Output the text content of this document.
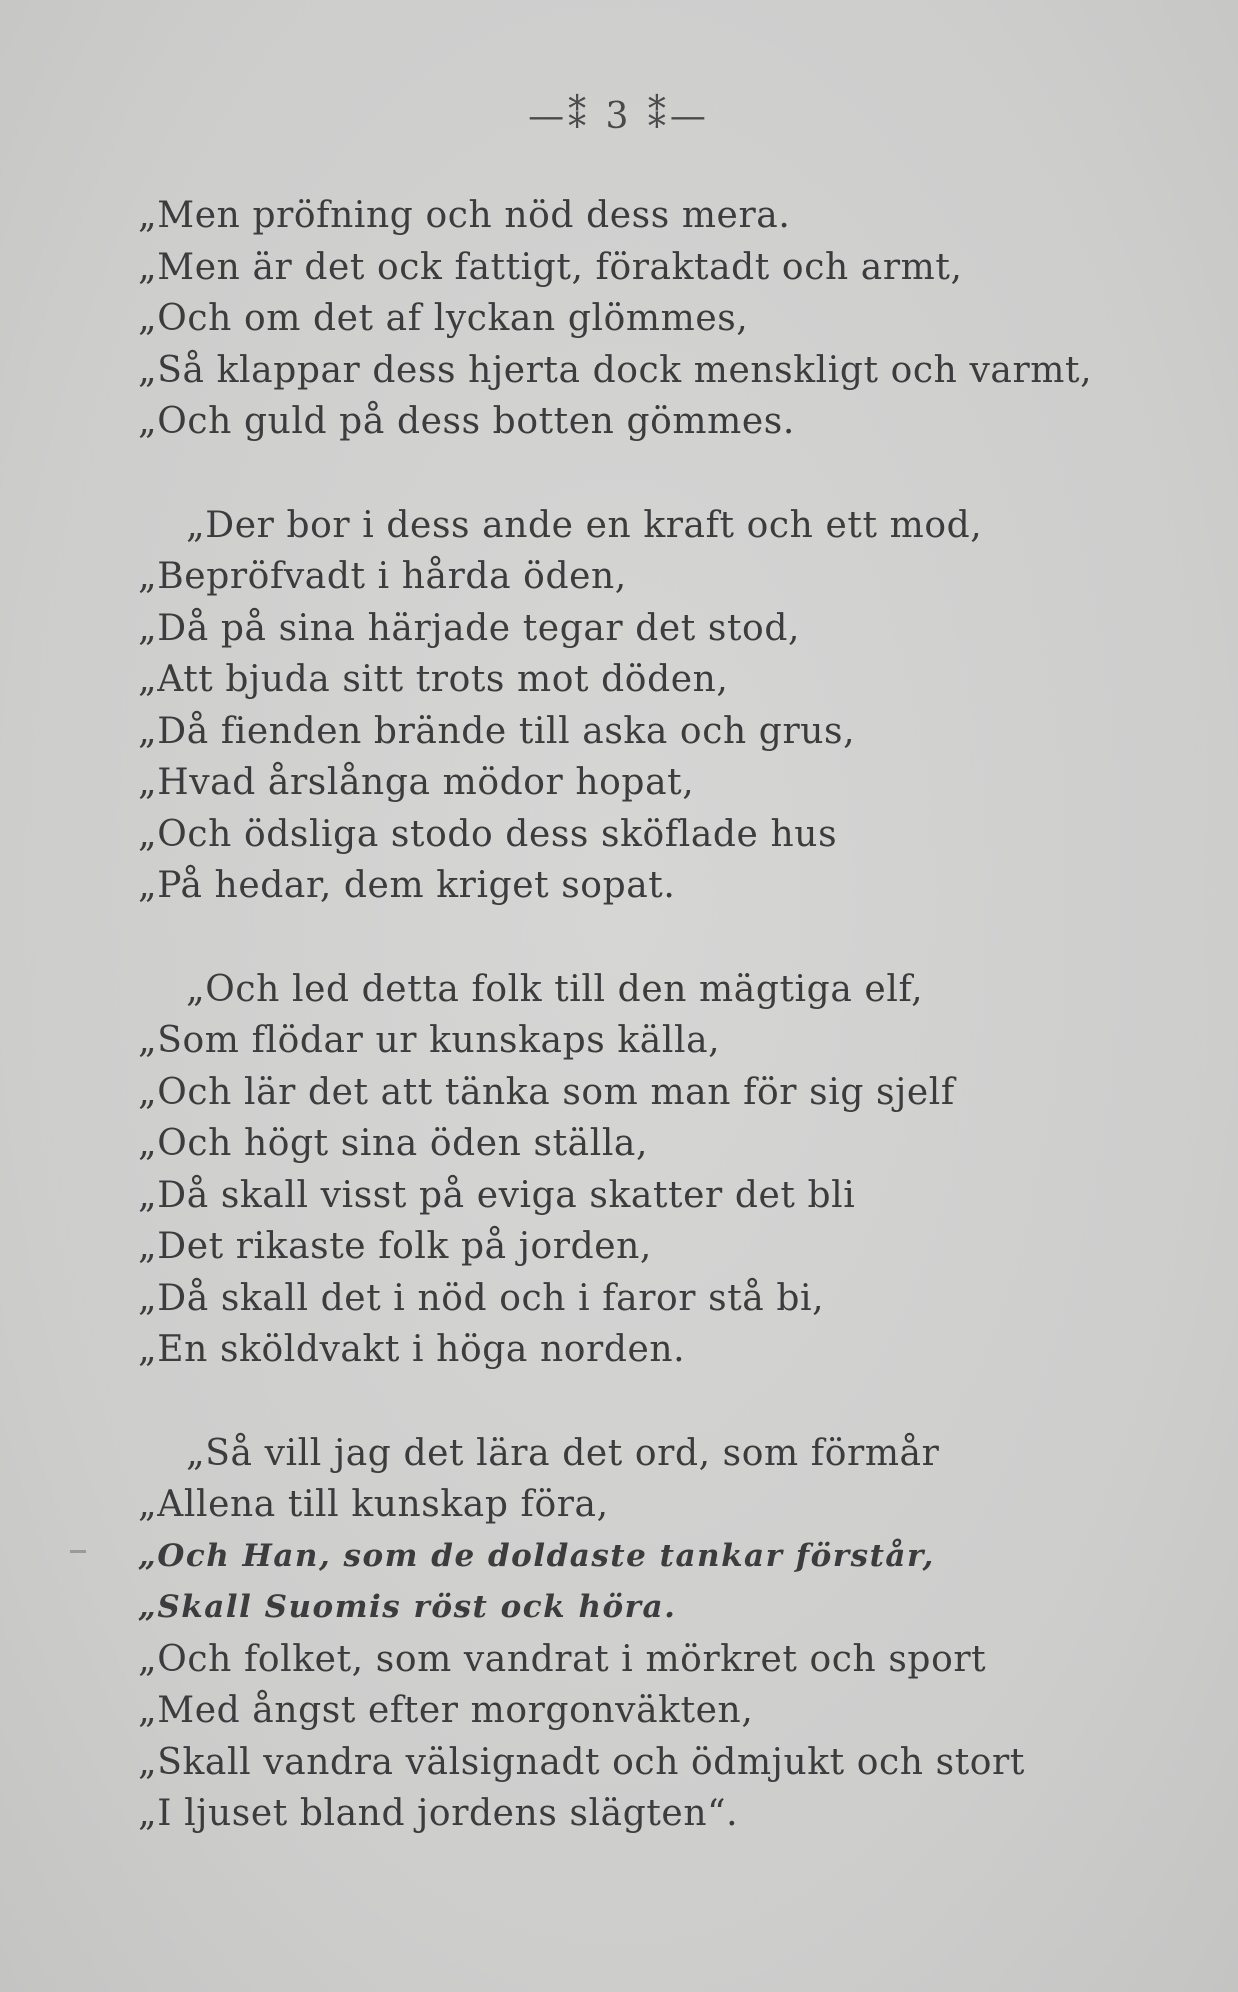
—⁑ 3 ⁑—
„Men pröfning och nöd dess mera.
„Men är det ock fattigt, föraktadt och armt,
„Och om det af lyckan glömmes,
„Så klappar dess hjerta dock menskligt och varmt,
„Och guld på dess botten gömmes.
„Der bor i dess ande en kraft och ett mod,
„Bepröfvadt i hårda öden,
„Då på sina härjade tegar det stod,
„Att bjuda sitt trots mot döden,
„Då fienden brände till aska och grus,
„Hvad årslånga mödor hopat,
„Och ödsliga stodo dess sköflade hus
„På hedar, dem kriget sopat.
„Och led detta folk till den mägtiga elf,
„Som flödar ur kunskaps källa,
„Och lär det att tänka som man för sig sjelf
„Och högt sina öden ställa,
„Då skall visst på eviga skatter det bli
„Det rikaste folk på jorden,
„Då skall det i nöd och i faror stå bi,
„En sköldvakt i höga norden.
„Så vill jag det lära det ord, som förmår
„Allena till kunskap föra,
„Och Han, som de doldaste tankar förstår,
„Skall Suomis röst ock höra.
„Och folket, som vandrat i mörkret och sport
„Med ångst efter morgonväkten,
„Skall vandra välsignadt och ödmjukt och stort
„I ljuset bland jordens slägten“.
